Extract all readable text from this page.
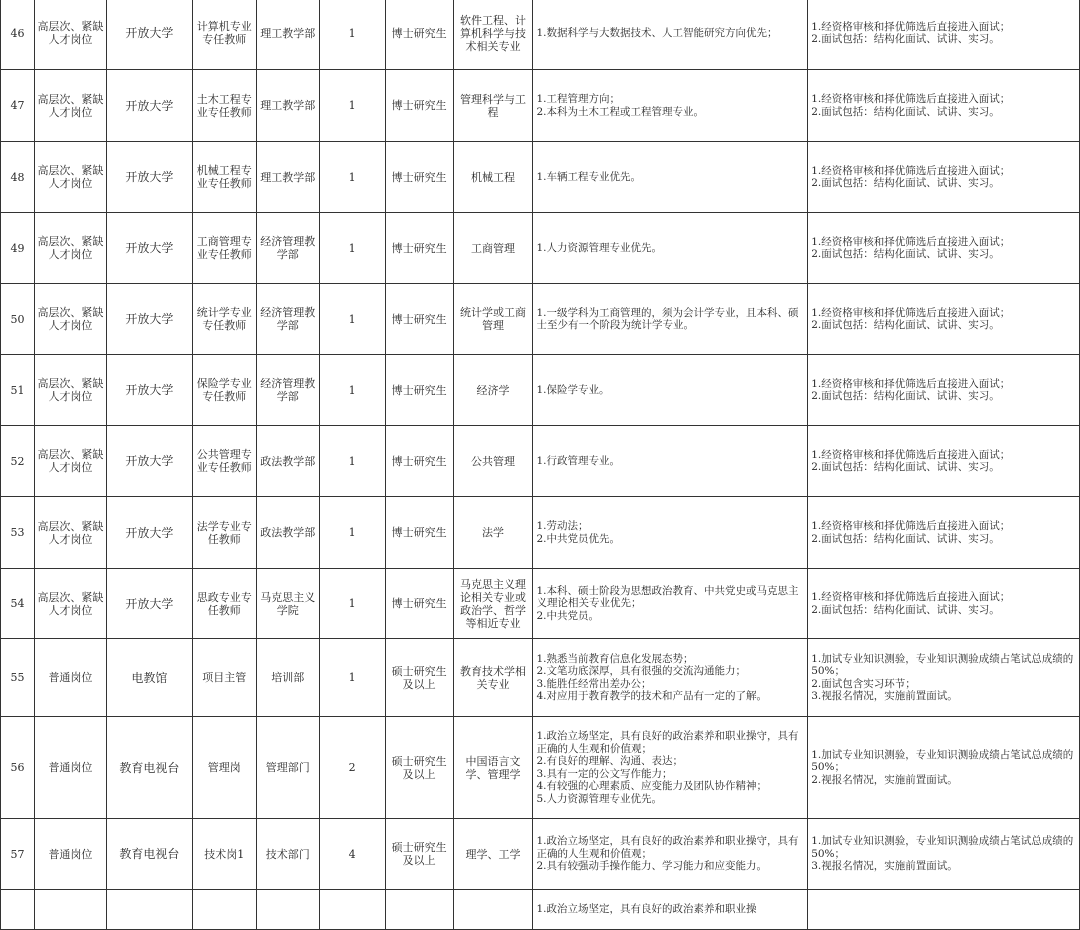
46	高层次、紧缺人才岗位	开放大学	计算机专业专任教师	理工教学部	1	博士研究生	软件工程、计算机科学与技术相关专业	1.数据科学与大数据技术、人工智能研究方向优先；	1.经资格审核和择优筛选后直接进入面试；
2.面试包括：结构化面试、试讲、实习。
47	高层次、紧缺人才岗位	开放大学	土木工程专业专任教师	理工教学部	1	博士研究生	管理科学与工程	1.工程管理方向；
2.本科为土木工程或工程管理专业。	1.经资格审核和择优筛选后直接进入面试；
2.面试包括：结构化面试、试讲、实习。
48	高层次、紧缺人才岗位	开放大学	机械工程专业专任教师	理工教学部	1	博士研究生	机械工程	1.车辆工程专业优先。	1.经资格审核和择优筛选后直接进入面试；
2.面试包括：结构化面试、试讲、实习。
49	高层次、紧缺人才岗位	开放大学	工商管理专业专任教师	经济管理教学部	1	博士研究生	工商管理	1.人力资源管理专业优先。	1.经资格审核和择优筛选后直接进入面试；
2.面试包括：结构化面试、试讲、实习。
50	高层次、紧缺人才岗位	开放大学	统计学专业专任教师	经济管理教学部	1	博士研究生	统计学或工商管理	1.一级学科为工商管理的，须为会计学专业，且本科、硕士至少有一个阶段为统计学专业。	1.经资格审核和择优筛选后直接进入面试；
2.面试包括：结构化面试、试讲、实习。
51	高层次、紧缺人才岗位	开放大学	保险学专业专任教师	经济管理教学部	1	博士研究生	经济学	1.保险学专业。	1.经资格审核和择优筛选后直接进入面试；
2.面试包括：结构化面试、试讲、实习。
52	高层次、紧缺人才岗位	开放大学	公共管理专业专任教师	政法教学部	1	博士研究生	公共管理	1.行政管理专业。	1.经资格审核和择优筛选后直接进入面试；
2.面试包括：结构化面试、试讲、实习。
53	高层次、紧缺人才岗位	开放大学	法学专业专任教师	政法教学部	1	博士研究生	法学	1.劳动法；
2.中共党员优先。	1.经资格审核和择优筛选后直接进入面试；
2.面试包括：结构化面试、试讲、实习。
54	高层次、紧缺人才岗位	开放大学	思政专业专任教师	马克思主义学院	1	博士研究生	马克思主义理论相关专业或政治学、哲学等相近专业	1.本科、硕士阶段为思想政治教育、中共党史或马克思主义理论相关专业优先；
2.中共党员。	1.经资格审核和择优筛选后直接进入面试；
2.面试包括：结构化面试、试讲、实习。
55	普通岗位	电教馆	项目主管	培训部	1	硕士研究生及以上	教育技术学相关专业	1.熟悉当前教育信息化发展态势；
2.文笔功底深厚，具有很强的交流沟通能力；
3.能胜任经常出差办公；
4.对应用于教育教学的技术和产品有一定的了解。	1.加试专业知识测验，专业知识测验成绩占笔试总成绩的50%；
2.面试包含实习环节；
3.视报名情况，实施前置面试。
56	普通岗位	教育电视台	管理岗	管理部门	2	硕士研究生及以上	中国语言文学、管理学	1.政治立场坚定，具有良好的政治素养和职业操守，具有正确的人生观和价值观；
2.有良好的理解、沟通、表达；
3.具有一定的公文写作能力；
4.有较强的心理素质、应变能力及团队协作精神；
5.人力资源管理专业优先。	1.加试专业知识测验，专业知识测验成绩占笔试总成绩的50%；
2.视报名情况，实施前置面试。
57	普通岗位	教育电视台	技术岗1	技术部门	4	硕士研究生及以上	理学、工学	1.政治立场坚定，具有良好的政治素养和职业操守，具有正确的人生观和价值观；
2.具有较强动手操作能力、学习能力和应变能力。	1.加试专业知识测验，专业知识测验成绩占笔试总成绩的50%；
3.视报名情况，实施前置面试。
								1.政治立场坚定，具有良好的政治素养和职业操	
